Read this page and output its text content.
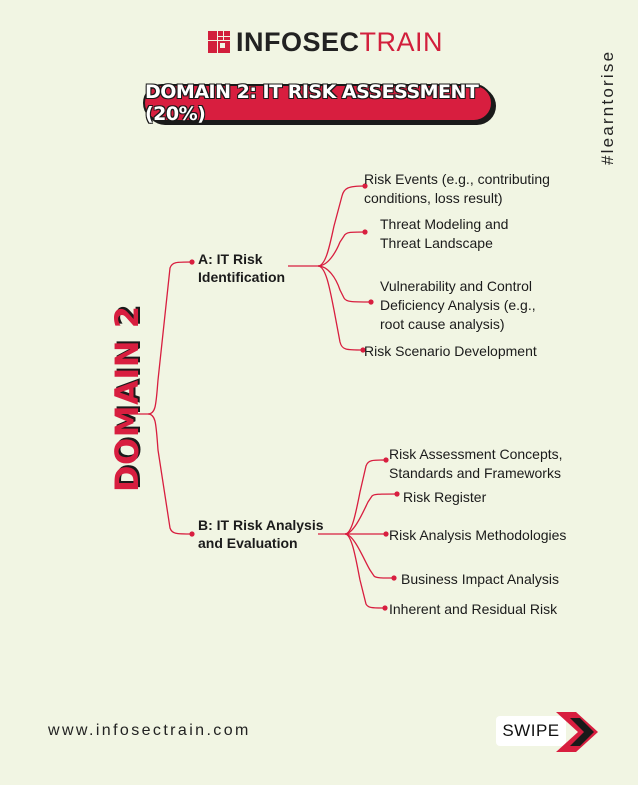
INFOSECTRAIN
DOMAIN 2: IT RISK ASSESSMENT (20%)	#learntorise
DOMAIN 2
A: IT Risk
Identification
Risk Events (e.g., contributing
conditions, loss result)
Threat Modeling and
Threat Landscape
Vulnerability and Control
Deficiency Analysis (e.g.,
root cause analysis)
Risk Scenario Development
B: IT Risk Analysis
and Evaluation
Risk Assessment Concepts,
Standards and Frameworks
Risk Register
Risk Analysis Methodologies
Business Impact Analysis
Inherent and Residual Risk
www.infosectrain.com	SWIPE
